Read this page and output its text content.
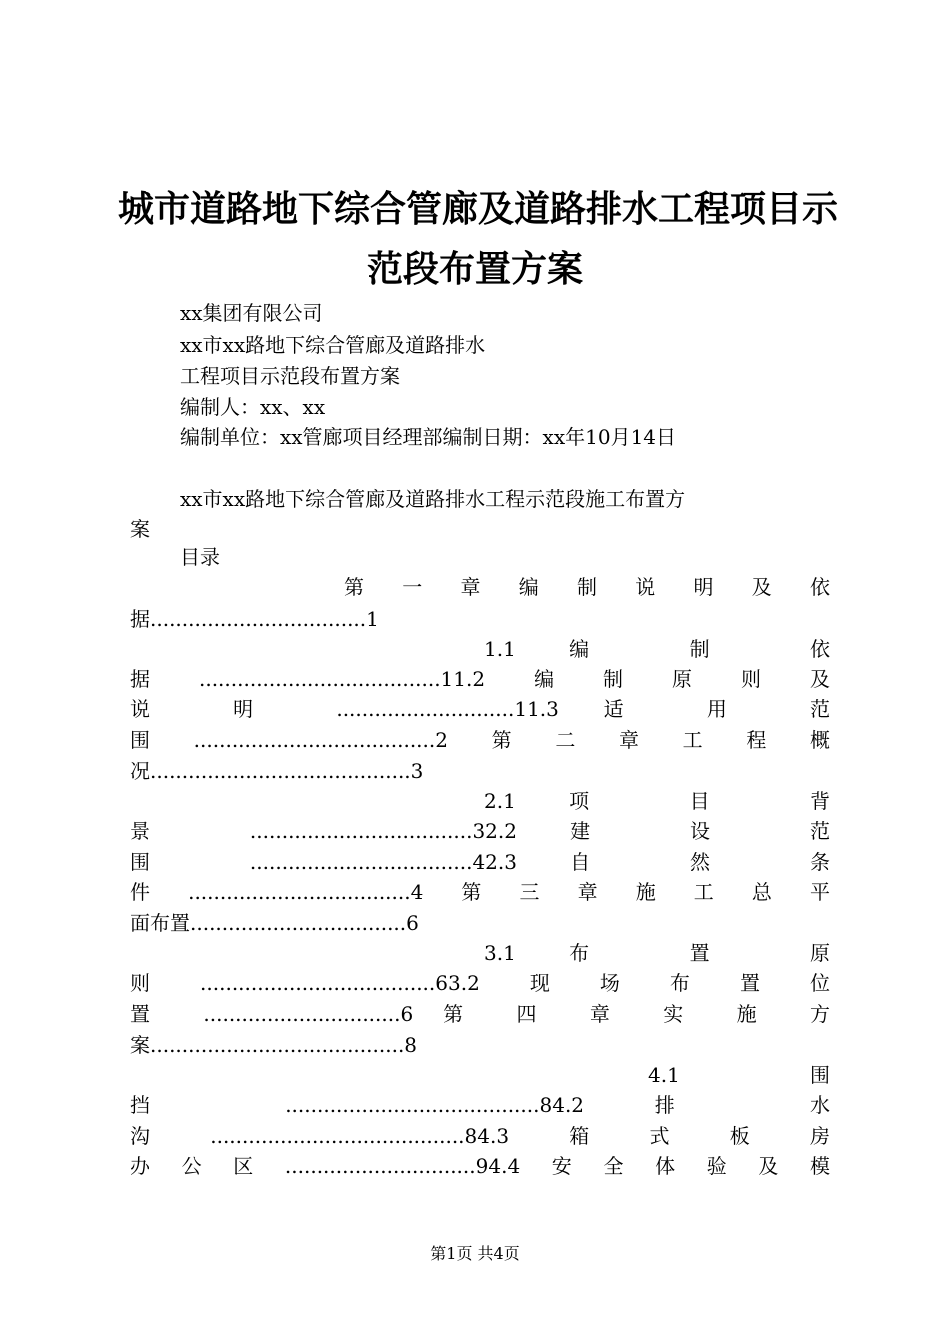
城市道路地下综合管廊及道路排水工程项目示
范段布置方案
xx集团有限公司
xx市xx路地下综合管廊及道路排水
工程项目示范段布置方案
编制人：xx、xx
编制单位：xx管廊项目经理部编制日期：xx年10月14日
xx市xx路地下综合管廊及道路排水工程示范段施工布置方
案
目录
第 一 章 编 制 说 明 及 依
据..................................1
1.1 编 制 依
据......................................11.2编制原则及
说 明 ............................11.3 适 用 范
围......................................2第二章工程概
况.........................................3
2.1 项 目 背
景 ...................................32.2 建 设 范
围 ...................................42.3 自 然 条
件...................................4第三章施工总平
面布置..................................6
3.1 布 置 原
则.....................................63.2现场布置位
置 ...............................6 第 四 章 实 施 方
案........................................8
4.1 围
挡 ........................................84.2 排 水
沟........................................84.3箱式板房
办公区..............................94.4安全体验及模
第1页 共4页
